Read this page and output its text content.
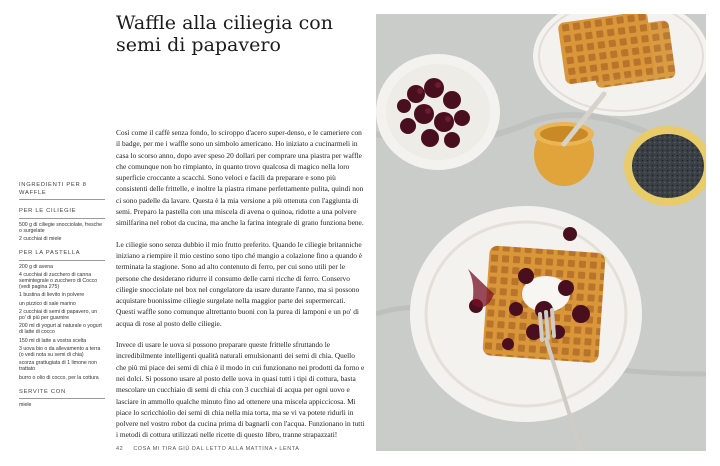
Waffle alla ciliegia con semi di papavero
INGREDIENTI PER 8 WAFFLE
PER LE CILIEGIE
500 g di ciliegie snocciolate, fresche o surgelate
2 cucchiai di miele
PER LA PASTELLA
200 g di avena
4 cucchiai di zucchero di canna semintegrale o zucchero di Cocco (vedi pagina 275)
1 bustina di lievito in polvere
un pizzico di sale marino
2 cucchiai di semi di papavero, un po' di più per guarnire
200 ml di yogurt al naturale o yogurt di latte di cocco
150 ml di latte a vostra scelta
3 uova bio o da allevamento a terra (o vedi nota su semi di chia)
scorza grattugiata di 1 limone non trattato
burro o olio di cocco, per la cottura
SERVITE CON
miele

Così come il caffè senza fondo, lo sciroppo d'acero super-denso, e le cameriere con il badge, per me i waffle sono un simbolo americano. Ho iniziato a cucinarmeli in casa lo scorso anno, dopo aver speso 20 dollari per comprare una piastra per waffle che comunque non ho rimpianto, in quanto trovo qualcosa di magico nella loro superficie croccante a scacchi. Sono veloci e facili da preparare e sono più consistenti delle frittelle, e inoltre la piastra rimane perfettamente pulita, quindi non ci sono padelle da lavare. Questa è la mia versione a più ottenuta con l'aggiunta di semi. Preparo la pastella con una miscela di avena o quinoa, ridotte a una polvere similfarina nel robot da cucina, ma anche la farina integrale di grano funziona bene.

Le ciliegie sono senza dubbio il mio frutto preferito. Quando le ciliegie britanniche iniziano a riempire il mio cestino sono tipo ché mangio a colazione fino a quando è terminata la stagione. Sono ad alto contenuto di ferro, per cui sono utili per le persone che desiderano ridurre il consumo delle carni ricche di ferro. Conservo ciliegie snocciolate nel box nel congelatore da usare durante l'anno, ma si possono acquistare buonissime ciliegie surgelate nella maggior parte dei supermercati. Questi waffle sono comunque altrettanto buoni con la purea di lamponi e un po' di acqua di rose al posto delle ciliegie.

Invece di usare le uova si possono preparare queste frittelle sfruttando le incredibilmente intelligenti qualità naturali emulsionanti dei semi di chia. Quello che più mi piace dei semi di chia è il modo in cui funzionano nei prodotti da forno e nei dolci. Si possono usare al posto delle uova in quasi tutti i tipi di cottura, basta mescolare un cucchiaio di semi di chia con 3 cucchiai di acqua per ogni uovo e lasciare in ammollo qualche minuto fino ad ottenere una miscela appiccicosa. Mi piace lo scricchiolio dei semi di chia nella mia torta, ma se vi va potete ridurli in polvere nel vostro robot da cucina prima di bagnarli con l'acqua. Funzionano in tutti i metodi di cottura utilizzati nelle ricette di questo libro, tranne strapazzati!

42 COSA MI TIRA GIÙ DAL LETTO ALLA MATTINA • LENTA
